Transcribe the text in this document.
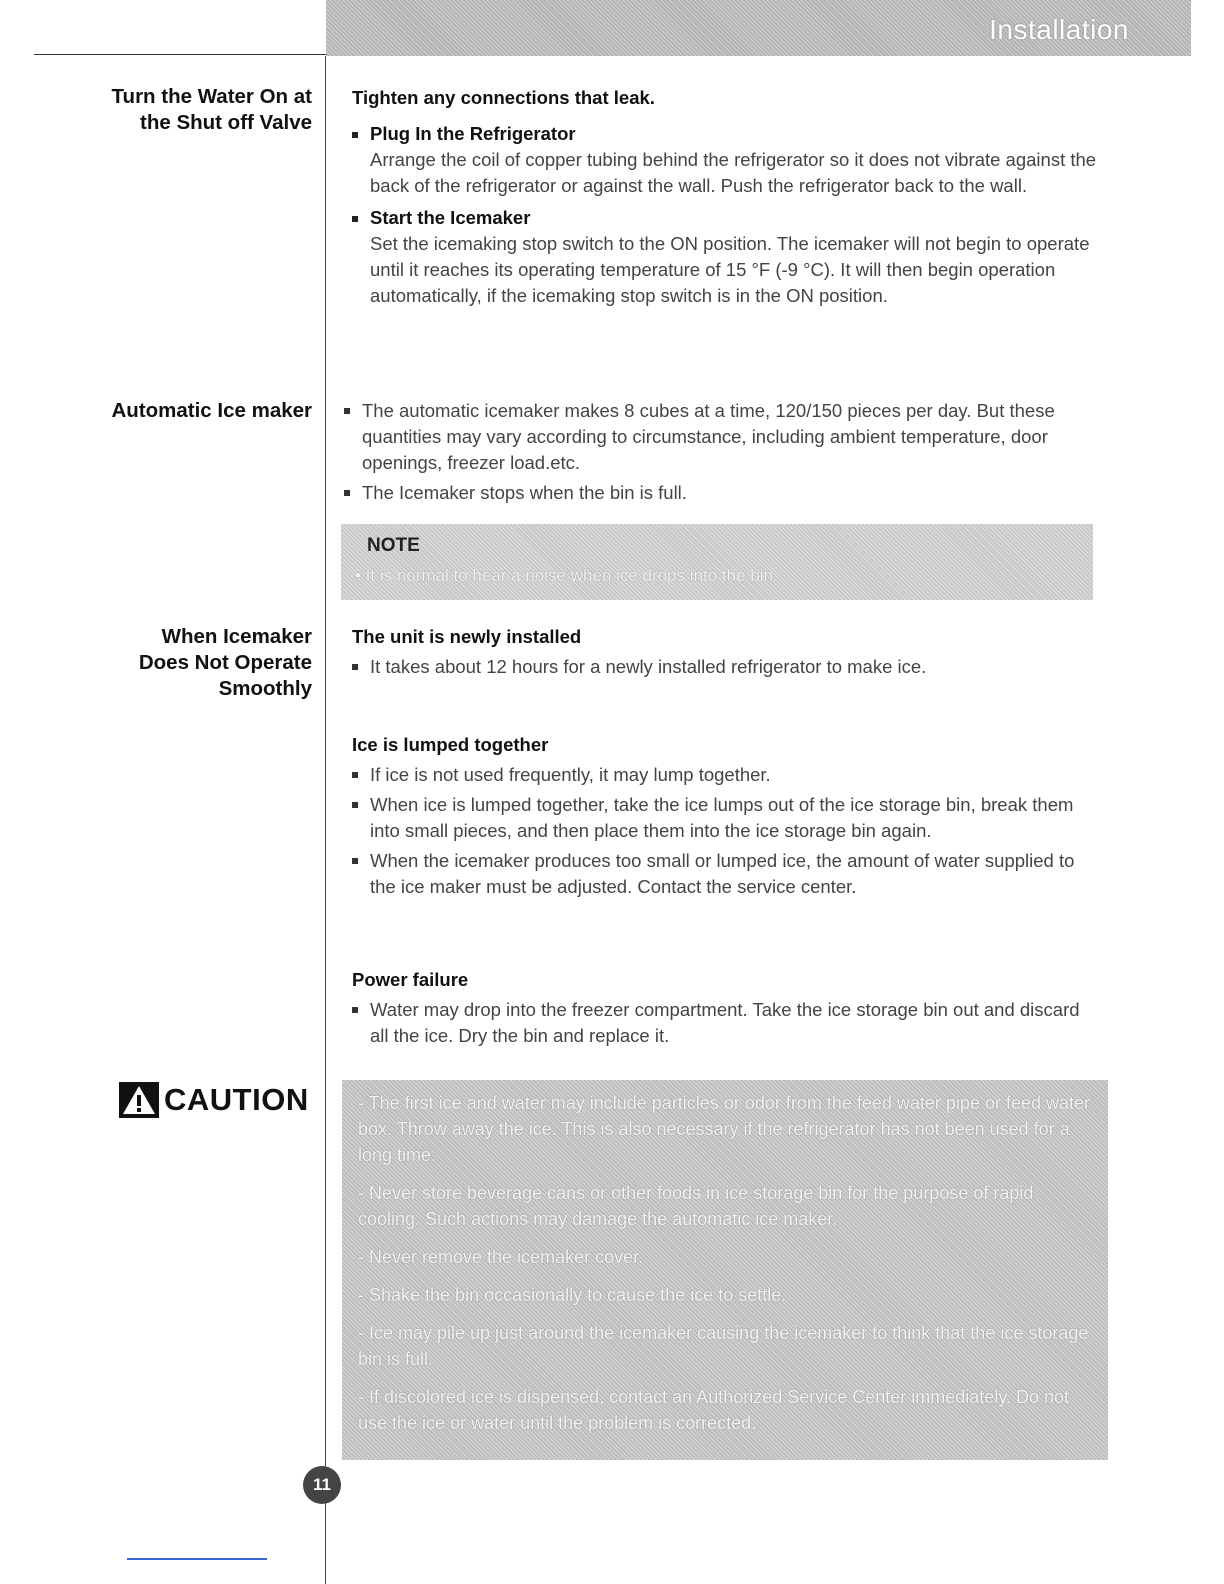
Installation
Turn the Water On at
the Shut off Valve
Tighten any connections that leak.
Plug In the Refrigerator
Arrange the coil of copper tubing behind the refrigerator so it does not vibrate against the back of the refrigerator or against the wall. Push the refrigerator back to the wall.
Start the Icemaker
Set the icemaking stop switch to the ON position. The icemaker will not begin to operate until it reaches its operating temperature of 15 °F (-9 °C). It will then begin operation automatically, if the icemaking stop switch is in the ON position.
Automatic Ice maker	The automatic icemaker makes 8 cubes at a time, 120/150 pieces per day. But these quantities may vary according to circumstance, including ambient temperature, door openings, freezer load.etc.
The Icemaker stops when the bin is full.
NOTE
• It is normal to hear a noise when ice drops into the bin.
When Icemaker
Does Not Operate
Smoothly
The unit is newly installed
It takes about 12 hours for a newly installed refrigerator to make ice.
Ice is lumped together
If ice is not used frequently, it may lump together.
When ice is lumped together, take the ice lumps out of the ice storage bin, break them into small pieces, and then place them into the ice storage bin again.
When the icemaker produces too small or lumped ice, the amount of water supplied to the ice maker must be adjusted. Contact the service center.
Power failure
Water may drop into the freezer compartment. Take the ice storage bin out and discard all the ice. Dry the bin and replace it.
CAUTION	- The first ice and water may include particles or odor from the feed water pipe or feed water box. Throw away the ice. This is also necessary if the refrigerator has not been used for a long time.

- Never store beverage cans or other foods in ice storage bin for the purpose of rapid cooling. Such actions may damage the automatic ice maker.

- Never remove the icemaker cover.

- Shake the bin occasionally to cause the ice to settle.

- Ice may pile up just around the icemaker causing the icemaker to think that the ice storage bin is full.

- If discolored ice is dispensed, contact an Authorized Service Center immediately. Do not use the ice or water until the problem is corrected.

11
